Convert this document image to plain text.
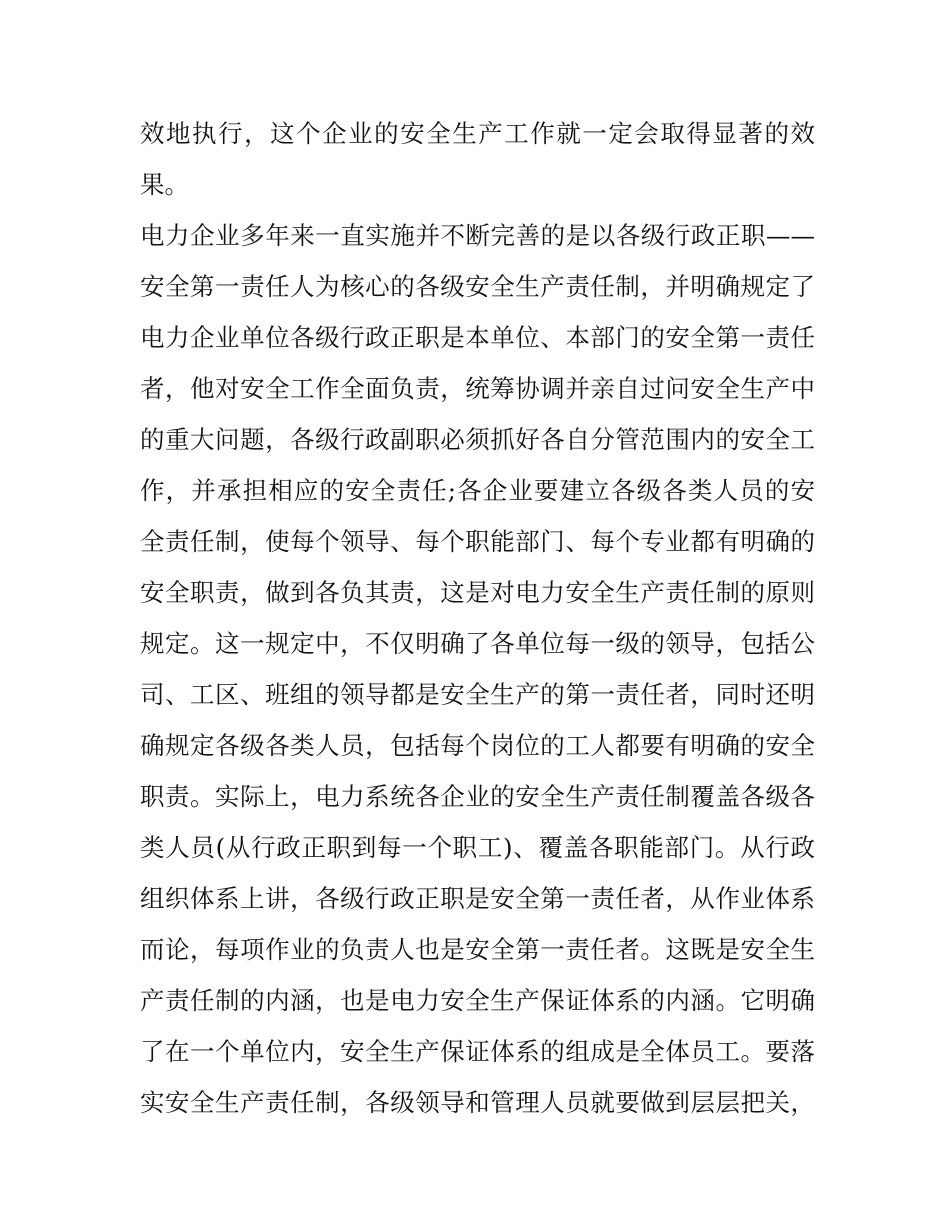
效地执行，这个企业的安全生产工作就一定会取得显著的效
果。
电力企业多年来一直实施并不断完善的是以各级行政正职——
安全第一责任人为核心的各级安全生产责任制，并明确规定了
电力企业单位各级行政正职是本单位、本部门的安全第一责任
者，他对安全工作全面负责，统筹协调并亲自过问安全生产中
的重大问题，各级行政副职必须抓好各自分管范围内的安全工
作，并承担相应的安全责任;各企业要建立各级各类人员的安
全责任制，使每个领导、每个职能部门、每个专业都有明确的
安全职责，做到各负其责，这是对电力安全生产责任制的原则
规定。这一规定中，不仅明确了各单位每一级的领导，包括公
司、工区、班组的领导都是安全生产的第一责任者，同时还明
确规定各级各类人员，包括每个岗位的工人都要有明确的安全
职责。实际上，电力系统各企业的安全生产责任制覆盖各级各
类人员(从行政正职到每一个职工)、覆盖各职能部门。从行政
组织体系上讲，各级行政正职是安全第一责任者，从作业体系
而论，每项作业的负责人也是安全第一责任者。这既是安全生
产责任制的内涵，也是电力安全生产保证体系的内涵。它明确
了在一个单位内，安全生产保证体系的组成是全体员工。要落
实安全生产责任制，各级领导和管理人员就要做到层层把关，
